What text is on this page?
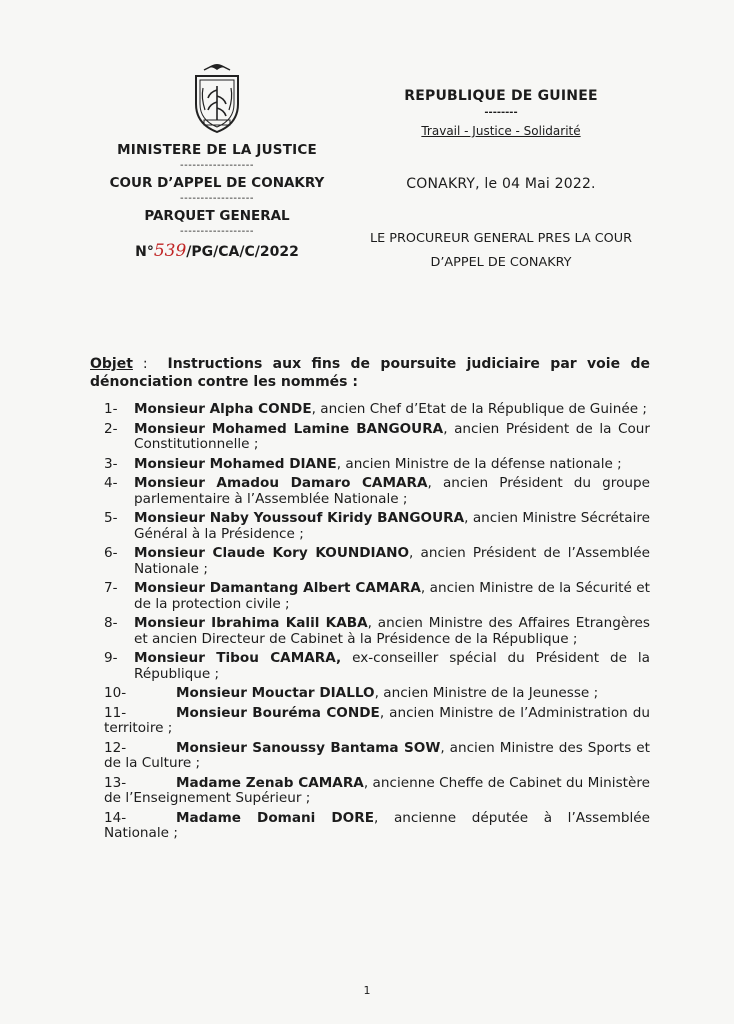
MINISTERE DE LA JUSTICE
------------------
COUR D’APPEL DE CONAKRY
------------------
PARQUET GENERAL
------------------
N°539/PG/CA/C/2022
REPUBLIQUE DE GUINEE
--------
Travail - Justice - Solidarité
CONAKRY, le 04 Mai 2022.
LE PROCUREUR GENERAL PRES LA COUR
D’APPEL DE CONAKRY
Objet :  Instructions aux fins de poursuite judiciaire par voie de dénonciation contre les nommés :
1-	Monsieur Alpha CONDE, ancien Chef d’Etat de la République de Guinée ;
2-	Monsieur Mohamed Lamine BANGOURA, ancien Président de la Cour Constitutionnelle ;
3-	Monsieur Mohamed DIANE, ancien Ministre de la défense nationale ;
4-	Monsieur Amadou Damaro CAMARA, ancien Président du groupe parlementaire à l’Assemblée Nationale ;
5-	Monsieur Naby Youssouf Kiridy BANGOURA, ancien Ministre Sécrétaire Général à la Présidence ;
6-	Monsieur Claude Kory KOUNDIANO, ancien Président de l’Assemblée Nationale ;
7-	Monsieur Damantang Albert CAMARA, ancien Ministre de la Sécurité et de la protection civile ;
8-	Monsieur Ibrahima Kalil KABA, ancien Ministre des Affaires Etrangères et ancien Directeur de Cabinet à la Présidence de la République ;
9-	Monsieur Tibou CAMARA, ex-conseiller spécial du Président de la République ;
10-	Monsieur Mouctar DIALLO, ancien Ministre de la Jeunesse ;
11-	Monsieur Bouréma CONDE, ancien Ministre de l’Administration du territoire ;
12-	Monsieur Sanoussy Bantama SOW, ancien Ministre des Sports et de la Culture ;
13-	Madame Zenab CAMARA, ancienne Cheffe de Cabinet du Ministère de l’Enseignement Supérieur ;
14-	Madame Domani DORE, ancienne députée à l’Assemblée Nationale ;
1
